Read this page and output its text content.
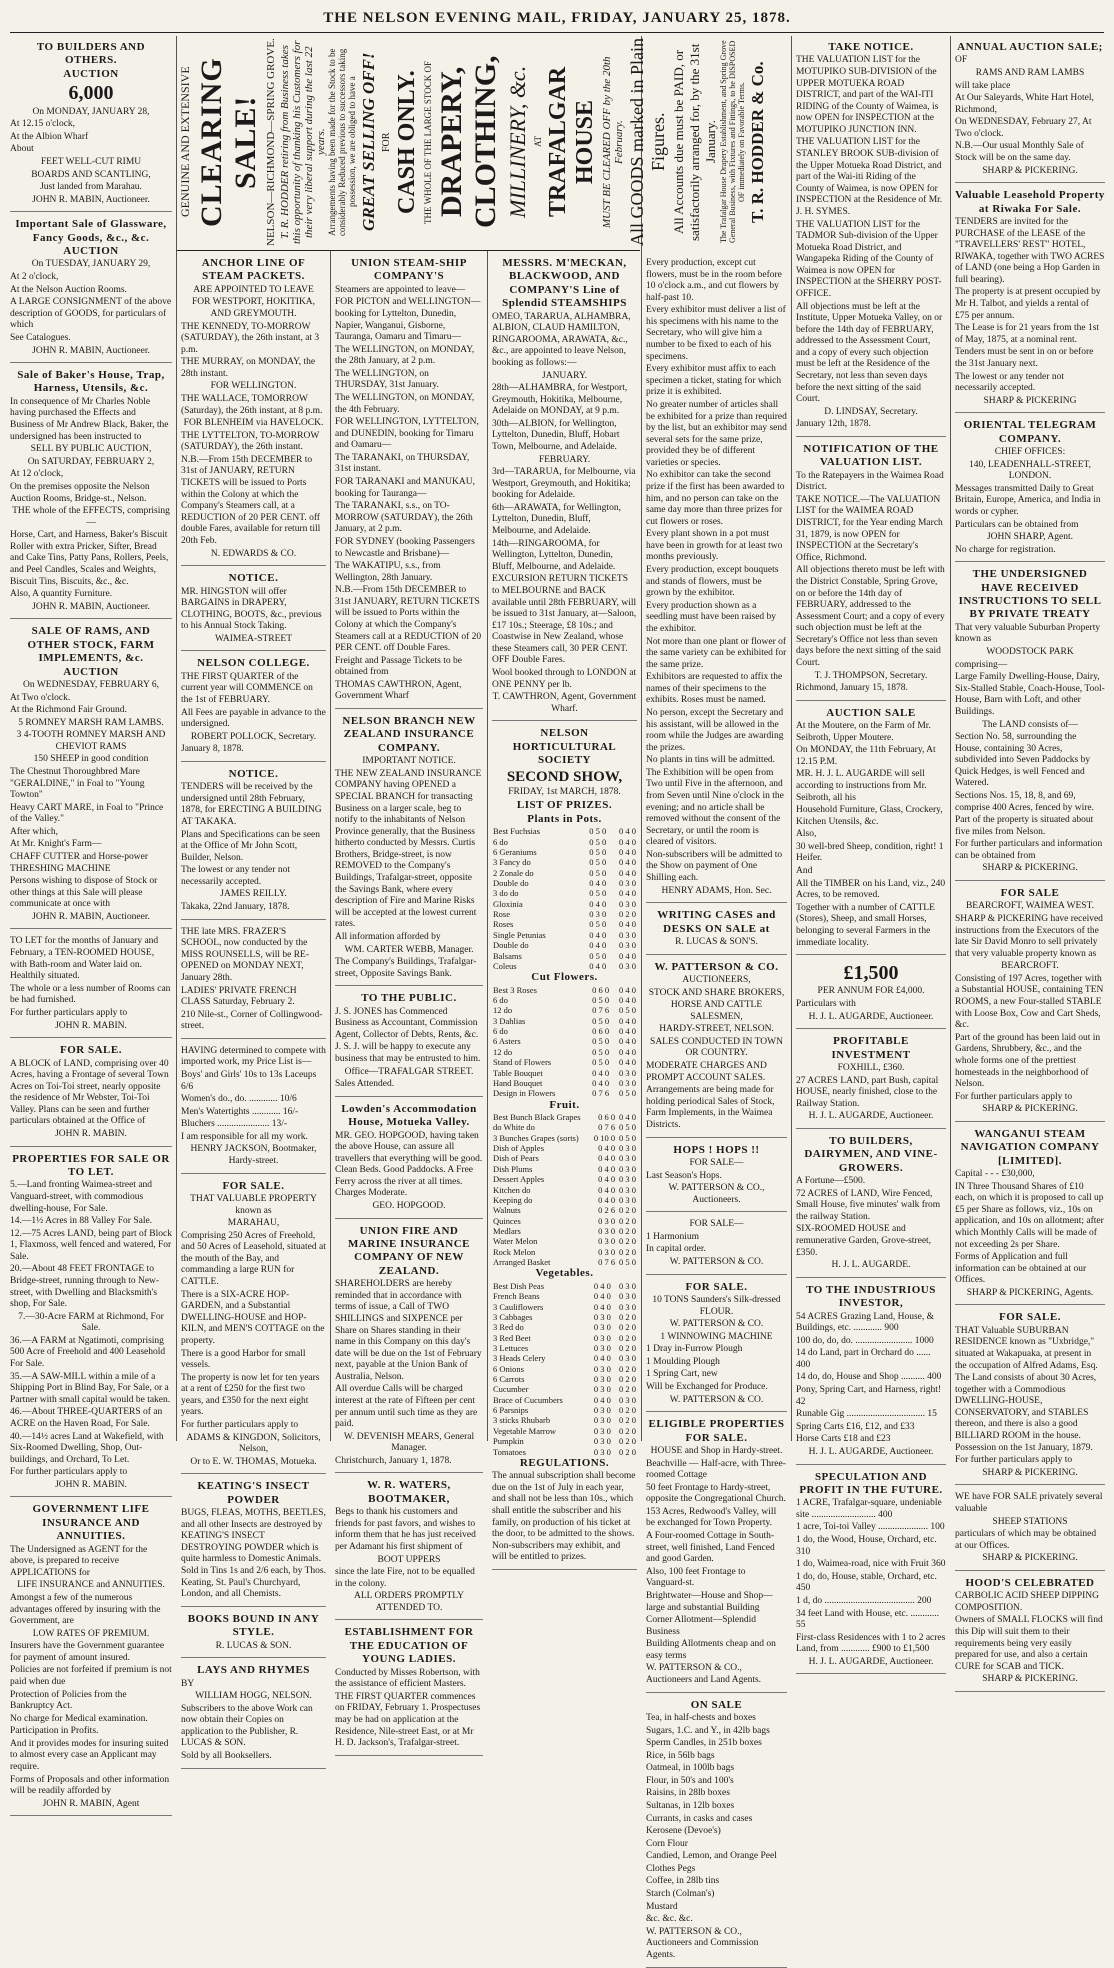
THE NELSON EVENING MAIL, FRIDAY, JANUARY 25, 1878.
GENUINE AND EXTENSIVE CLEARING SALE! NELSON—RICHMOND—SPRING GROVE. T. R. HODDER retiring from Business takes this opportunity of thanking his Customers for their very liberal support during the last 22 years. Arrangements having been made for the Stock to be considerably Reduced previous to successors taking possession, we are obliged to have a GREAT SELLING OFF! FOR CASH ONLY. THE WHOLE OF THE LARGE STOCK OF DRAPERY, CLOTHING, MILLINERY, &c. AT TRAFALGAR HOUSE MUST BE CLEARED OFF by the 20th February. All GOODS marked in Plain Figures. All Accounts due must be PAID, or satisfactorily arranged for, by the 31st January. The Trafalgar House Drapery Establishment, and Spring Grove General Business, with Fixtures and Fittings, to be DISPOSED OF immediately on Favorable Terms. T. R. HODDER & Co.
TO BUILDERS AND OTHERS.
AUCTION
6,000
On MONDAY, JANUARY 28,
At 12.15 o'clock,
At the Albion Wharf
About
FEET WELL-CUT RIMU
BOARDS AND SCANTLING,
Just landed from Marahau.
JOHN R. MABIN, Auctioneer.
Important Sale of Glassware, Fancy Goods, &c., &c.
AUCTION
On TUESDAY, JANUARY 29,
At 2 o'clock,
At the Nelson Auction Rooms.
A LARGE CONSIGNMENT of the above description of GOODS, for particulars of which
See Catalogues.
JOHN R. MABIN, Auctioneer.
Sale of Baker's House, Trap, Harness, Utensils, &c.
In consequence of Mr Charles Noble having purchased the Effects and Business of Mr Andrew Black, Baker, the undersigned has been instructed to
SELL BY PUBLIC AUCTION,
On SATURDAY, FEBRUARY 2,
At 12 o'clock,
On the premises opposite the Nelson Auction Rooms, Bridge-st., Nelson.
THE whole of the EFFECTS, comprising—
Horse, Cart, and Harness, Baker's Biscuit Roller with extra Pricker, Sifter, Bread and Cake Tins, Patty Pans, Rollers, Peels, and Peel Candles, Scales and Weights, Biscuit Tins, Biscuits, &c., &c.
Also, A quantity Furniture.
JOHN R. MABIN, Auctioneer.
SALE OF RAMS, AND OTHER STOCK, FARM IMPLEMENTS, &c.
AUCTION
On WEDNESDAY, FEBRUARY 6,
At Two o'clock.
At the Richmond Fair Ground.
5 ROMNEY MARSH RAM LAMBS.
3 4-TOOTH ROMNEY MARSH AND CHEVIOT RAMS
150 SHEEP in good condition
The Chestnut Thoroughbred Mare "GERALDINE," in Foal to "Young Towton"
Heavy CART MARE, in Foal to "Prince of the Valley."
After which,
At Mr. Knight's Farm—
CHAFF CUTTER and Horse-power THRESHING MACHINE
Persons wishing to dispose of Stock or other things at this Sale will please communicate at once with
JOHN R. MABIN, Auctioneer.
TO LET for the months of January and February, a TEN-ROOMED HOUSE, with Bath-room and Water laid on. Healthily situated.
The whole or a less number of Rooms can be had furnished.
For further particulars apply to
JOHN R. MABIN.
FOR SALE.
A BLOCK of LAND, comprising over 40 Acres, having a Frontage of several Town Acres on Toi-Toi street, nearly opposite the residence of Mr Webster, Toi-Toi Valley. Plans can be seen and further particulars obtained at the Office of
JOHN R. MABIN.
PROPERTIES FOR SALE OR TO LET.
5.—Land fronting Waimea-street and Vanguard-street, with commodious dwelling-house, For Sale.
14.—1½ Acres in 88 Valley For Sale.
12.—75 Acres LAND, being part of Block 1, Flaxmoss, well fenced and watered, For Sale.
20.—About 48 FEET FRONTAGE to Bridge-street, running through to New-street, with Dwelling and Blacksmith's shop, For Sale.
7.—30-Acre FARM at Richmond, For Sale.
36.—A FARM at Ngatimoti, comprising 500 Acre of Freehold and 400 Leasehold For Sale.
35.—A SAW-MILL within a mile of a Shipping Port in Blind Bay, For Sale, or a Partner with small capital would be taken.
46.—About THREE-QUARTERS of an ACRE on the Haven Road, For Sale.
40.—14½ acres Land at Wakefield, with Six-Roomed Dwelling, Shop, Out-buildings, and Orchard, To Let.
For further particulars apply to
JOHN R. MABIN.
GOVERNMENT LIFE INSURANCE AND ANNUITIES.
The Undersigned as AGENT for the above, is prepared to receive APPLICATIONS for
LIFE INSURANCE and ANNUITIES.
Amongst a few of the numerous advantages offered by insuring with the Government, are
LOW RATES OF PREMIUM.
Insurers have the Government guarantee for payment of amount insured.
Policies are not forfeited if premium is not paid when due
Protection of Policies from the Bankruptcy Act.
No charge for Medical examination.
Participation in Profits.
And it provides modes for insuring suited to almost every case an Applicant may require.
Forms of Proposals and other information will be readily afforded by
JOHN R. MABIN, Agent
ANCHOR LINE OF STEAM PACKETS.
ARE APPOINTED TO LEAVE
FOR WESTPORT, HOKITIKA, AND GREYMOUTH.
THE KENNEDY, TO-MORROW (SATURDAY), the 26th instant, at 3 p.m.
THE MURRAY, on MONDAY, the 28th instant.
FOR WELLINGTON.
THE WALLACE, TOMORROW (Saturday), the 26th instant, at 8 p.m.
FOR BLENHEIM via HAVELOCK.
THE LYTTELTON, TO-MORROW (SATURDAY), the 26th instant.
N.B.—From 15th DECEMBER to 31st of JANUARY, RETURN TICKETS will be issued to Ports within the Colony at which the Company's Steamers call, at a REDUCTION of 20 PER CENT. off double Fares, available for return till 20th Feb.
N. EDWARDS & CO.
NOTICE.
MR. HINGSTON will offer BARGAINS in DRAPERY, CLOTHING, BOOTS, &c., previous to his Annual Stock Taking.
WAIMEA-STREET
NELSON COLLEGE.
THE FIRST QUARTER of the current year will COMMENCE on the 1st of FEBRUARY.
All Fees are payable in advance to the undersigned.
ROBERT POLLOCK, Secretary.
January 8, 1878.
NOTICE.
TENDERS will be received by the undersigned until 28th February, 1878, for ERECTING A BUILDING AT TAKAKA.
Plans and Specifications can be seen at the Office of Mr John Scott, Builder, Nelson.
The lowest or any tender not necessarily accepted.
JAMES REILLY.
Takaka, 22nd January, 1878.
THE late MRS. FRAZER'S SCHOOL, now conducted by the MISS ROUNSELLS, will be RE-OPENED on MONDAY NEXT, January 28th.
LADIES' PRIVATE FRENCH CLASS Saturday, February 2.
210 Nile-st., Corner of Collingwood-street.
HAVING determined to compete with imported work, my Price List is—
Boys' and Girls' 10s to 13s Laceups 6/6
Women's do., do. ............ 10/6
Men's Watertights ............ 16/-
Bluchers ...................... 13/-
I am responsible for all my work.
HENRY JACKSON, Bootmaker, Hardy-street.
FOR SALE.
THAT VALUABLE PROPERTY known as
MARAHAU,
Comprising 250 Acres of Freehold, and 50 Acres of Leasehold, situated at the mouth of the Bay, and commanding a large RUN for CATTLE.
There is a SIX-ACRE HOP-GARDEN, and a Substantial DWELLING-HOUSE and HOP-KILN, and MEN'S COTTAGE on the property.
There is a good Harbor for small vessels.
The property is now let for ten years at a rent of £250 for the first two years, and £350 for the next eight years.
For further particulars apply to
ADAMS & KINGDON, Solicitors, Nelson,
Or to E. W. THOMAS, Motueka.
KEATING'S INSECT POWDER
BUGS, FLEAS, MOTHS, BEETLES, and all other Insects are destroyed by KEATING'S INSECT DESTROYING POWDER which is quite harmless to Domestic Animals. Sold in Tins 1s and 2/6 each, by Thos. Keating, St. Paul's Churchyard, London, and all Chemists.
BOOKS BOUND IN ANY STYLE.
R. LUCAS & SON.
LAYS AND RHYMES
BY
WILLIAM HOGG, NELSON.
Subscribers to the above Work can now obtain their Copies on application to the Publisher, R. LUCAS & SON.
Sold by all Booksellers.
UNION STEAM-SHIP COMPANY'S
Steamers are appointed to leave—
FOR PICTON and WELLINGTON—booking for Lyttelton, Dunedin, Napier, Wanganui, Gisborne, Tauranga, Oamaru and Timaru—
The WELLINGTON, on MONDAY, the 28th January, at 2 p.m.
The WELLINGTON, on THURSDAY, 31st January.
The WELLINGTON, on MONDAY, the 4th February.
FOR WELLINGTON, LYTTELTON, and DUNEDIN, booking for Timaru and Oamaru—
The TARANAKI, on THURSDAY, 31st instant.
FOR TARANAKI and MANUKAU, booking for Tauranga—
The TARANAKI, s.s., on TO-MORROW (SATURDAY), the 26th January, at 2 p.m.
FOR SYDNEY (booking Passengers to Newcastle and Brisbane)—
The WAKATIPU, s.s., from Wellington, 28th January.
N.B.—From 15th DECEMBER to 31st JANUARY, RETURN TICKETS will be issued to Ports within the Colony at which the Company's Steamers call at a REDUCTION of 20 PER CENT. off Double Fares.
Freight and Passage Tickets to be obtained from
THOMAS CAWTHRON, Agent, Government Wharf
NELSON BRANCH NEW ZEALAND INSURANCE COMPANY.
IMPORTANT NOTICE.
THE NEW ZEALAND INSURANCE COMPANY having OPENED a SPECIAL BRANCH for transacting Business on a larger scale, beg to notify to the inhabitants of Nelson Province generally, that the Business hitherto conducted by Messrs. Curtis Brothers, Bridge-street, is now REMOVED to the Company's Buildings, Trafalgar-street, opposite the Savings Bank, where every description of Fire and Marine Risks will be accepted at the lowest current rates.
All information afforded by
WM. CARTER WEBB, Manager.
The Company's Buildings, Trafalgar-street, Opposite Savings Bank.
TO THE PUBLIC.
J. S. JONES has Commenced Business as Accountant, Commission Agent, Collector of Debts, Rents, &c.
J. S. J. will be happy to execute any business that may be entrusted to him.
Office—TRAFALGAR STREET.
Sales Attended.
Lowden's Accommodation House, Motueka Valley.
MR. GEO. HOPGOOD, having taken the above House, can assure all travellers that everything will be good. Clean Beds. Good Paddocks. A Free Ferry across the river at all times. Charges Moderate.
GEO. HOPGOOD.
UNION FIRE AND MARINE INSURANCE COMPANY OF NEW ZEALAND.
SHAREHOLDERS are hereby reminded that in accordance with terms of issue, a Call of TWO SHILLINGS and SIXPENCE per Share on Shares standing in their name in this Company on this day's date will be due on the 1st of February next, payable at the Union Bank of Australia, Nelson.
All overdue Calls will be charged interest at the rate of Fifteen per cent per annum until such time as they are paid.
W. DEVENISH MEARS, General Manager.
Christchurch, January 1, 1878.
W. R. WATERS, BOOTMAKER,
Begs to thank his customers and friends for past favors, and wishes to inform them that he has just received per Adamant his first shipment of
BOOT UPPERS
since the late Fire, not to be equalled in the colony.
ALL ORDERS PROMPTLY ATTENDED TO.
ESTABLISHMENT FOR THE EDUCATION OF YOUNG LADIES.
Conducted by Misses Robertson, with the assistance of efficient Masters.
THE FIRST QUARTER commences on FRIDAY, February 1. Prospectuses may be had on application at the Residence, Nile-street East, or at Mr H. D. Jackson's, Trafalgar-street.
MESSRS. M'MECKAN, BLACKWOOD, AND COMPANY'S Line of Splendid STEAMSHIPS
OMEO, TARARUA, ALHAMBRA, ALBION, CLAUD HAMILTON, RINGAROOMA, ARAWATA, &c., &c., are appointed to leave Nelson, booking as follows:—
JANUARY.
28th—ALHAMBRA, for Westport, Greymouth, Hokitika, Melbourne, Adelaide on MONDAY, at 9 p.m.
30th—ALBION, for Wellington, Lyttelton, Dunedin, Bluff, Hobart Town, Melbourne, and Adelaide.
FEBRUARY.
3rd—TARARUA, for Melbourne, via Westport, Greymouth, and Hokitika; booking for Adelaide.
6th—ARAWATA, for Wellington, Lyttelton, Dunedin, Bluff, Melbourne, and Adelaide.
14th—RINGAROOMA, for Wellington, Lyttelton, Dunedin, Bluff, Melbourne, and Adelaide.
EXCURSION RETURN TICKETS to MELBOURNE and BACK available until 28th FEBRUARY, will be issued to 31st January, at—Saloon, £17 10s.; Steerage, £8 10s.; and Coastwise in New Zealand, whose these Steamers call, 30 PER CENT. OFF Double Fares.
Wool booked through to LONDON at ONE PENNY per lb.
T. CAWTHRON, Agent, Government Wharf.
NELSON HORTICULTURAL SOCIETY
SECOND SHOW,
FRIDAY, 1st MARCH, 1878.
LIST OF PRIZES.
Plants in Pots.
Best Fuchsias	0 5 0	0 4 0
6 do	0 5 0	0 4 0
6 Geraniums	0 5 0	0 4 0
3 Fancy do	0 5 0	0 4 0
2 Zonale do	0 5 0	0 4 0
Double do	0 4 0	0 3 0
3 do do	0 5 0	0 4 0
Gloxinia	0 4 0	0 3 0
Rose	0 3 0	0 2 0
Roses	0 5 0	0 4 0
Single Petunias	0 4 0	0 3 0
Double do	0 4 0	0 3 0
Balsams	0 5 0	0 4 0
Coleus	0 4 0	0 3 0
Cut Flowers.
Best 3 Roses	0 6 0	0 4 0
6 do	0 5 0	0 4 0
12 do	0 7 6	0 5 0
3 Dahlias	0 5 0	0 4 0
6 do	0 6 0	0 4 0
6 Asters	0 5 0	0 4 0
12 do	0 5 0	0 4 0
Stand of Flowers	0 5 0	0 4 0
Table Bouquet	0 4 0	0 3 0
Hand Bouquet	0 4 0	0 3 0
Design in Flowers	0 7 6	0 5 0
Fruit.
Best Bunch Black Grapes	0 6 0	0 4 0
do White do	0 7 6	0 5 0
3 Bunches Grapes (sorts)	0 10 0	0 5 0
Dish of Apples	0 4 0	0 3 0
Dish of Pears	0 4 0	0 3 0
Dish Plums	0 4 0	0 3 0
Dessert Apples	0 4 0	0 3 0
Kitchen do	0 4 0	0 3 0
Keeping do	0 4 0	0 3 0
Walnuts	0 2 6	0 2 0
Quinces	0 3 0	0 2 0
Medlars	0 3 0	0 2 0
Water Melon	0 3 0	0 2 0
Rock Melon	0 3 0	0 2 0
Arranged Basket	0 7 6	0 5 0
Vegetables.
Best Dish Peas	0 4 0	0 3 0
French Beans	0 4 0	0 3 0
3 Cauliflowers	0 4 0	0 3 0
3 Cabbages	0 3 0	0 2 0
3 Red do	0 3 0	0 2 0
3 Red Beet	0 3 0	0 2 0
3 Lettuces	0 3 0	0 2 0
3 Heads Celery	0 4 0	0 3 0
6 Onions	0 3 0	0 2 0
6 Carrots	0 3 0	0 2 0
Cucumber	0 3 0	0 2 0
Brace of Cucumbers	0 4 0	0 3 0
6 Parsnips	0 3 0	0 2 0
3 sticks Rhubarb	0 3 0	0 2 0
Vegetable Marrow	0 3 0	0 2 0
Pumpkin	0 3 0	0 2 0
Tomatoes	0 3 0	0 2 0
REGULATIONS.
The annual subscription shall become due on the 1st of July in each year, and shall not be less than 10s., which shall entitle the subscriber and his family, on production of his ticket at the door, to be admitted to the shows. Non-subscribers may exhibit, and will be entitled to prizes.
Every production, except cut flowers, must be in the room before 10 o'clock a.m., and cut flowers by half-past 10.
Every exhibitor must deliver a list of his specimens with his name to the Secretary, who will give him a number to be fixed to each of his specimens.
Every exhibitor must affix to each specimen a ticket, stating for which prize it is exhibited.
No greater number of articles shall be exhibited for a prize than required by the list, but an exhibitor may send several sets for the same prize, provided they be of different varieties or species.
No exhibitor can take the second prize if the first has been awarded to him, and no person can take on the same day more than three prizes for cut flowers or roses.
Every plant shown in a pot must have been in growth for at least two months previously.
Every production, except bouquets and stands of flowers, must be grown by the exhibitor.
Every production shown as a seedling must have been raised by the exhibitor.
Not more than one plant or flower of the same variety can be exhibited for the same prize.
Exhibitors are requested to affix the names of their specimens to the exhibits. Roses must be named.
No person, except the Secretary and his assistant, will be allowed in the room while the Judges are awarding the prizes.
No plants in tins will be admitted.
The Exhibition will be open from Two until Five in the afternoon, and from Seven until Nine o'clock in the evening; and no article shall be removed without the consent of the Secretary, or until the room is cleared of visitors.
Non-subscribers will be admitted to the Show on payment of One Shilling each.
HENRY ADAMS, Hon. Sec.
WRITING CASES and DESKS ON SALE at
R. LUCAS & SON'S.
W. PATTERSON & CO.
AUCTIONEERS,
STOCK AND SHARE BROKERS,
HORSE AND CATTLE SALESMEN,
HARDY-STREET, NELSON.
SALES CONDUCTED IN TOWN OR COUNTRY.
MODERATE CHARGES AND PROMPT ACCOUNT SALES.
Arrangements are being made for holding periodical Sales of Stock, Farm Implements, in the Waimea Districts.
HOPS ! HOPS !!
FOR SALE—
Last Season's Hops.
W. PATTERSON & CO., Auctioneers.
FOR SALE—
1 Harmonium
In capital order.
W. PATTERSON & CO.
FOR SALE.
10 TONS Saunders's Silk-dressed FLOUR.
W. PATTERSON & CO.
1 WINNOWING MACHINE
1 Dray in-Furrow Plough
1 Moulding Plough
1 Spring Cart, new
Will be Exchanged for Produce.
W. PATTERSON & CO.
ELIGIBLE PROPERTIES FOR SALE.
HOUSE and Shop in Hardy-street.
Beachville — Half-acre, with Three-roomed Cottage
50 feet Frontage to Hardy-street, opposite the Congregational Church.
153 Acres, Redwood's Valley, will be exchanged for Town Property.
A Four-roomed Cottage in South-street, well finished, Land Fenced and good Garden.
Also, 100 feet Frontage to Vanguard-st.
Brightwater—House and Shop—large and substantial Building
Corner Allotment—Splendid Business
Building Allotments cheap and on easy terms
W. PATTERSON & CO., Auctioneers and Land Agents.
ON SALE
Tea, in half-chests and boxes
Sugars, 1.C. and Y., in 42lb bags
Sperm Candles, in 251b boxes
Rice, in 56lb bags
Oatmeal, in 100lb bags
Flour, in 50's and 100's
Raisins, in 28lb boxes
Sultanas, in 12lb boxes
Currants, in casks and cases
Kerosene (Devoe's)
Corn Flour
Candied, Lemon, and Orange Peel
Clothes Pegs
Coffee, in 28lb tins
Starch (Colman's)
Mustard
&c. &c. &c.
W. PATTERSON & CO., Auctioneers and Commission Agents.
TAKE NOTICE.
THE VALUATION LIST for the MOTUPIKO SUB-DIVISION of the UPPER MOTUEKA ROAD DISTRICT, and part of the WAI-ITI RIDING of the County of Waimea, is now OPEN for INSPECTION at the MOTUPIKO JUNCTION INN.
THE VALUATION LIST for the STANLEY BROOK SUB-division of the Upper Motueka Road District, and part of the Wai-iti Riding of the County of Waimea, is now OPEN for INSPECTION at the Residence of Mr. J. H. SYMES.
THE VALUATION LIST for the TADMOR Sub-division of the Upper Motueka Road District, and Wangapeka Riding of the County of Waimea is now OPEN for INSPECTION at the SHERRY POST-OFFICE.
All objections must be left at the Institute, Upper Motueka Valley, on or before the 14th day of FEBRUARY, addressed to the Assessment Court, and a copy of every such objection must be left at the Residence of the Secretary, not less than seven days before the next sitting of the said Court.
D. LINDSAY, Secretary.
January 12th, 1878.
NOTIFICATION OF THE VALUATION LIST.
To the Ratepayers in the Waimea Road District.
TAKE NOTICE.—The VALUATION LIST for the WAIMEA ROAD DISTRICT, for the Year ending March 31, 1879, is now OPEN for INSPECTION at the Secretary's Office, Richmond.
All objections thereto must be left with the District Constable, Spring Grove, on or before the 14th day of FEBRUARY, addressed to the Assessment Court; and a copy of every such objection must be left at the Secretary's Office not less than seven days before the next sitting of the said Court.
T. J. THOMPSON, Secretary.
Richmond, January 15, 1878.
AUCTION SALE
At the Moutere, on the Farm of Mr. Seibroth, Upper Moutere.
On MONDAY, the 11th February, At 12.15 P.M.
MR. H. J. L. AUGARDE will sell according to instructions from Mr. Seibroth, all his
Household Furniture, Glass, Crockery, Kitchen Utensils, &c.
Also,
30 well-bred Sheep, condition, right! 1 Heifer.
And
All the TIMBER on his Land, viz., 240 Acres, to be removed.
Together with a number of CATTLE (Stores), Sheep, and small Horses, belonging to several Farmers in the immediate locality.
£1,500
PER ANNUM FOR £4,000.
Particulars with
H. J. L. AUGARDE, Auctioneer.
PROFITABLE INVESTMENT
FOXHILL, £360.
27 ACRES LAND, part Bush, capital HOUSE, nearly finished, close to the Railway Station.
H. J. L. AUGARDE, Auctioneer.
TO BUILDERS, DAIRYMEN, AND VINE-GROWERS.
A Fortune—£500.
72 ACRES of LAND, Wire Fenced, Small House, five minutes' walk from the railway Station.
SIX-ROOMED HOUSE and remunerative Garden, Grove-street, £350.
H. J. L. AUGARDE.
TO THE INDUSTRIOUS INVESTOR,
54 ACRES Grazing Land, House, & Buildings, etc. ............ 900
100 do, do, do. ........................ 1000
14 do Land, part in Orchard do ...... 400
14 do, do, House and Shop .......... 400
Pony, Spring Cart, and Harness, right! 42
Runable Gig ................................. 15
Spring Carts £16, £12, and £33
Horse Carts £18 and £23
H. J. L. AUGARDE, Auctioneer.
SPECULATION AND PROFIT IN THE FUTURE.
1 ACRE, Trafalgar-square, undeniable site ........................... 400
1 acre, Toi-toi Valley ..................... 100
1 do, the Wood, House, Orchard, etc. 310
1 do, Waimea-road, nice with Fruit 360
1 do, do, House, stable, Orchard, etc. 450
1 d, do ...................................... 200
34 feet Land with House, etc. ............ 55
First-class Residences with 1 to 2 acres Land, from ............ £900 to £1,500
H. J. L. AUGARDE, Auctioneer.
ANNUAL AUCTION SALE;
OF
RAMS AND RAM LAMBS
will take place
At Our Saleyards, White Hart Hotel, Richmond,
On WEDNESDAY, February 27, At Two o'clock.
N.B.—Our usual Monthly Sale of Stock will be on the same day.
SHARP & PICKERING.
Valuable Leasehold Property at Riwaka For Sale.
TENDERS are invited for the PURCHASE of the LEASE of the "TRAVELLERS' REST" HOTEL, RIWAKA, together with TWO ACRES of LAND (one being a Hop Garden in full bearing).
The property is at present occupied by Mr H. Talbot, and yields a rental of £75 per annum.
The Lease is for 21 years from the 1st of May, 1875, at a nominal rent.
Tenders must be sent in on or before the 31st January next.
The lowest or any tender not necessarily accepted.
SHARP & PICKERING
ORIENTAL TELEGRAM COMPANY.
CHIEF OFFICES:
140, LEADENHALL-STREET, LONDON.
Messages transmitted Daily to Great Britain, Europe, America, and India in words or cypher.
Particulars can be obtained from
JOHN SHARP, Agent.
No charge for registration.
THE UNDERSIGNED HAVE RECEIVED INSTRUCTIONS TO SELL BY PRIVATE TREATY
That very valuable Suburban Property known as
WOODSTOCK PARK
comprising—
Large Family Dwelling-House, Dairy, Six-Stalled Stable, Coach-House, Tool-House, Barn with Loft, and other Buildings.
The LAND consists of—
Section No. 58, surrounding the House, containing 30 Acres, subdivided into Seven Paddocks by Quick Hedges, is well Fenced and Watered.
Sections Nos. 15, 18, 8, and 69, comprise 400 Acres, fenced by wire.
Part of the property is situated about five miles from Nelson.
For further particulars and information can be obtained from
SHARP & PICKERING.
FOR SALE
BEARCROFT, WAIMEA WEST.
SHARP & PICKERING have received instructions from the Executors of the late Sir David Monro to sell privately that very valuable property known as
BEARCROFT.
Consisting of 197 Acres, together with a Substantial HOUSE, containing TEN ROOMS, a new Four-stalled STABLE with Loose Box, Cow and Cart Sheds, &c.
Part of the ground has been laid out in Gardens, Shrubbery, &c., and the whole forms one of the prettiest homesteads in the neighborhood of Nelson.
For further particulars apply to
SHARP & PICKERING.
WANGANUI STEAM NAVIGATION COMPANY [LIMITED].
Capital - - - £30,000,
IN Three Thousand Shares of £10 each, on which it is proposed to call up £5 per Share as follows, viz., 10s on application, and 10s on allotment; after which Monthly Calls will be made of not exceeding 2s per Share.
Forms of Application and full information can be obtained at our Offices.
SHARP & PICKERING, Agents.
FOR SALE.
THAT Valuable SUBURBAN RESIDENCE known as "Uxbridge," situated at Wakapuaka, at present in the occupation of Alfred Adams, Esq.
The Land consists of about 30 Acres, together with a Commodious DWELLING-HOUSE, CONSERVATORY, and STABLES thereon, and there is also a good BILLIARD ROOM in the house. Possession on the 1st January, 1879.
For further particulars apply to
SHARP & PICKERING.
WE have FOR SALE privately several valuable
SHEEP STATIONS
particulars of which may be obtained at our Offices.
SHARP & PICKERING.
HOOD'S CELEBRATED
CARBOLIC ACID SHEEP DIPPING COMPOSITION.
Owners of SMALL FLOCKS will find this Dip will suit them to their requirements being very easily prepared for use, and also a certain CURE for SCAB and TICK.
SHARP & PICKERING.
